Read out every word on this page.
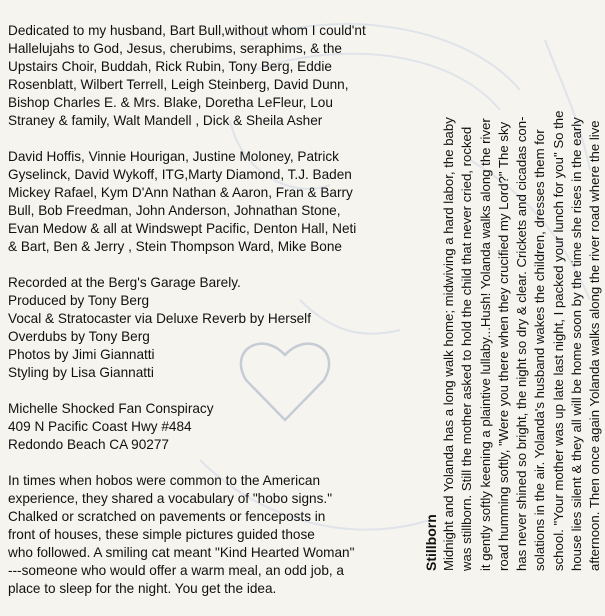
Dedicated to my husband, Bart Bull,without whom I could'nt
Hallelujahs to God, Jesus, cherubims, seraphims, & the
Upstairs Choir, Buddah, Rick Rubin, Tony Berg, Eddie
Rosenblatt, Wilbert Terrell, Leigh Steinberg, David Dunn,
Bishop Charles E. & Mrs. Blake, Doretha LeFleur, Lou
Straney & family, Walt Mandell , Dick & Sheila Asher

David Hoffis, Vinnie Hourigan, Justine Moloney, Patrick
Gyselinck, David Wykoff, ITG,Marty Diamond, T.J. Baden
Mickey Rafael, Kym D'Ann Nathan & Aaron, Fran & Barry
Bull, Bob Freedman, John Anderson, Johnathan Stone,
Evan Medow & all at Windswept Pacific, Denton Hall, Neti
& Bart, Ben & Jerry , Stein Thompson Ward, Mike Bone

Recorded at the Berg's Garage Barely.
Produced by Tony Berg
Vocal & Stratocaster via Deluxe Reverb by Herself
Overdubs by Tony Berg
Photos by Jimi Giannatti
Styling by Lisa Giannatti

Michelle Shocked Fan Conspiracy
409 N Pacific Coast Hwy #484
Redondo Beach CA 90277

In times when hobos were common to the American
experience, they shared a vocabulary of "hobo signs."
Chalked or scratched on pavements or fenceposts in
front of houses, these simple pictures guided those
who followed. A smiling cat meant "Kind Hearted Woman"
---someone who would offer a warm meal, an odd job, a
place to sleep for the night. You get the idea.

Stillborn Midnight and Yolanda has a long walk home; midwiving a hard labor, the baby was stillborn. Still the mother asked to hold the child that never cried, rocked it gently softly keening a plaintive lullaby...Hush! Yolanda walks along the river road humming softly, "Were you there when they crucified my Lord?" The sky has never shined so bright, the night so dry & clear. Crickets and cicadas con- solations in the air. Yolanda's husband wakes the children, dresses them for school. "Your mother was up late last night, I packed your lunch for you" So the house lies silent & they all will be home soon by the time she rises in the early afternoon. Then once again Yolanda walks along the river road where the live
